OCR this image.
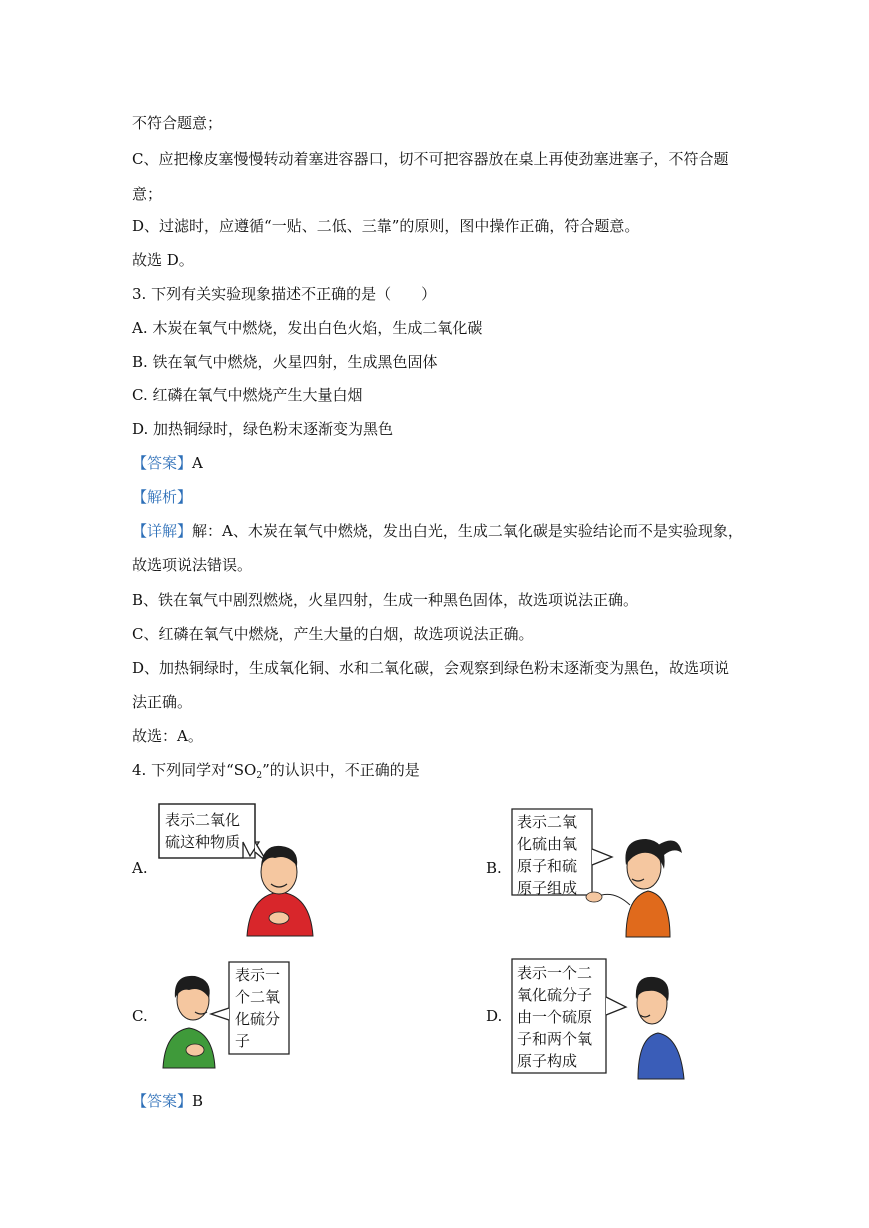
不符合题意；
C、应把橡皮塞慢慢转动着塞进容器口，切不可把容器放在桌上再使劲塞进塞子，不符合题
意；
D、过滤时，应遵循“一贴、二低、三靠”的原则，图中操作正确，符合题意。
故选 D。
3. 下列有关实验现象描述不正确的是（　　）
A. 木炭在氧气中燃烧，发出白色火焰，生成二氧化碳
B. 铁在氧气中燃烧，火星四射，生成黑色固体
C. 红磷在氧气中燃烧产生大量白烟
D. 加热铜绿时，绿色粉末逐渐变为黑色
【答案】A
【解析】
【详解】解：A、木炭在氧气中燃烧，发出白光，生成二氧化碳是实验结论而不是实验现象，
故选项说法错误。
B、铁在氧气中剧烈燃烧，火星四射，生成一种黑色固体，故选项说法正确。
C、红磷在氧气中燃烧，产生大量的白烟，故选项说法正确。
D、加热铜绿时，生成氧化铜、水和二氧化碳，会观察到绿色粉末逐渐变为黑色，故选项说
法正确。
故选：A。
4. 下列同学对“$SO_2$”的认识中，不正确的是
A.
表示二氧化
硫这种物质
B.
表示二氧
化硫由氧
原子和硫
原子组成
C.
表示一
个二氧
化硫分
子
D.
表示一个二
氧化硫分子
由一个硫原
子和两个氧
原子构成
【答案】B
